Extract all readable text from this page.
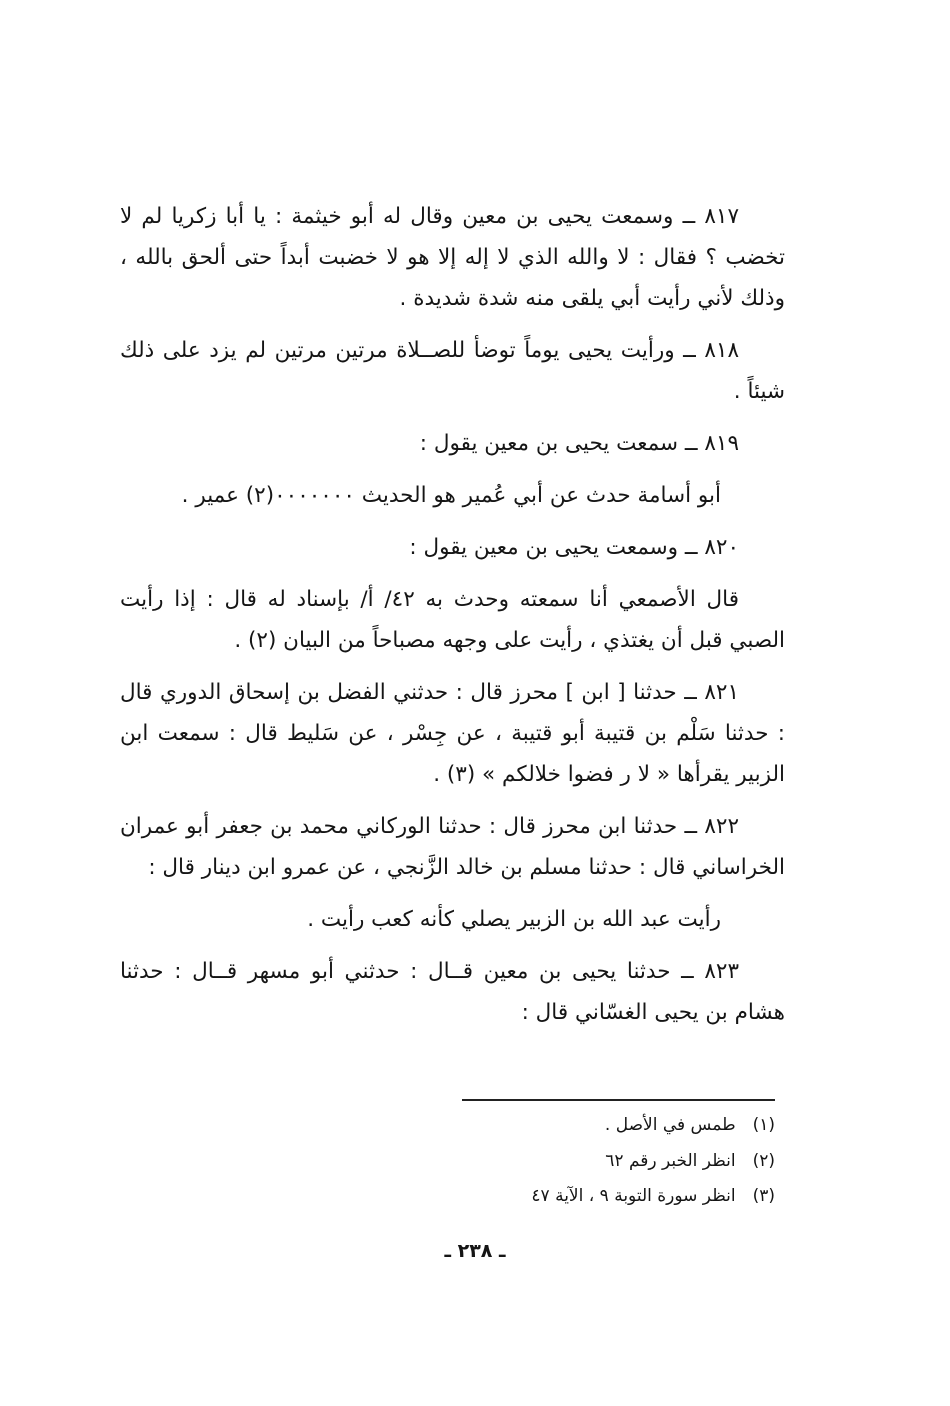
٨١٧ ــ وسمعت يحيى بن معين وقال له أبو خيثمة : يا أبا زكريا لم لا تخضب ؟ فقال : لا والله الذي لا إله إلا هو لا خضبت أبداً حتى ألحق بالله ، وذلك لأني رأيت أبي يلقى منه شدة شديدة .

٨١٨ ــ ورأيت يحيى يوماً توضأ للصــلاة مرتين مرتين لم يزد على ذلك شيئاً .

٨١٩ ــ سمعت يحيى بن معين يقول :

أبو أسامة حدث عن أبي عُمير هو الحديث ٠٠٠٠٠٠٠(٢) عمير .

٨٢٠ ــ وسمعت يحيى بن معين يقول :

قال الأصمعي أنا سمعته وحدث به ٤٢/ أ/ بإسناد له قال : إذا رأيت الصبي قبل أن يغتذي ، رأيت على وجهه مصباحاً من البيان (٢) .

٨٢١ ــ حدثنا [ ابن ] محرز قال : حدثني الفضل بن إسحاق الدوري قال : حدثنا سَلْم بن قتيبة أبو قتيبة ، عن جِسْر ، عن سَليط قال : سمعت ابن الزبير يقرأها « لا ر فضوا خلالكم » (٣) .

٨٢٢ ــ حدثنا ابن محرز قال : حدثنا الوركاني محمد بن جعفر أبو عمران الخراساني قال : حدثنا مسلم بن خالد الزَّنجي ، عن عمرو ابن دينار قال :

رأيت عبد الله بن الزبير يصلي كأنه كعب رأيت .

٨٢٣ ــ حدثنا يحيى بن معين قــال : حدثني أبو مسهر قــال : حدثنا هشام بن يحيى الغسّاني قال :

(١) طمس في الأصل .
(٢) انظر الخبر رقم ٦٢
(٣) انظر سورة التوبة ٩ ، الآية ٤٧
ـ ٢٣٨ ـ
